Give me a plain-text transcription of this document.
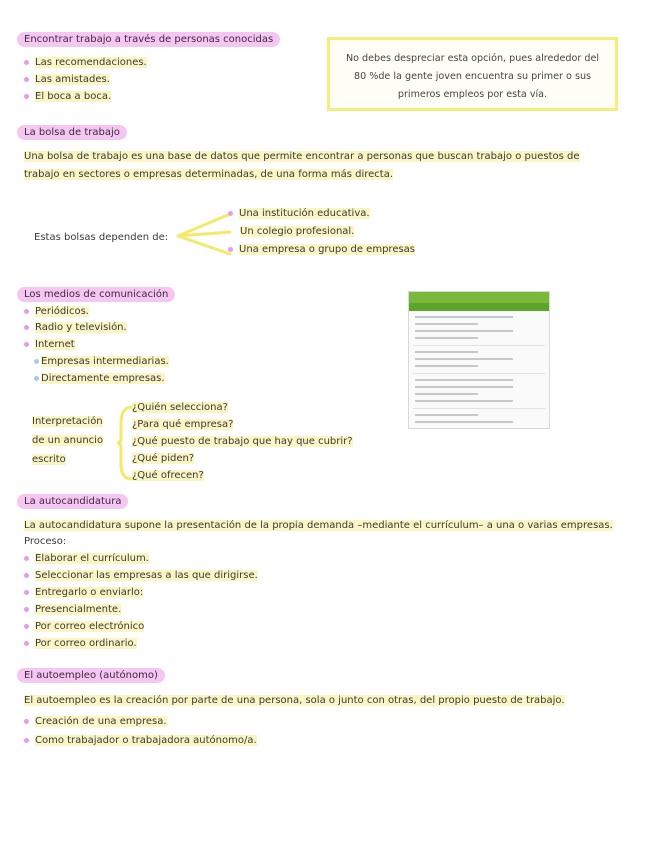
Encontrar trabajo a través de personas conocidas
Las recomendaciones.
Las amistades.
El boca a boca.
No debes despreciar esta opción, pues alrededor del
80 %de la gente joven encuentra su primer o sus
primeros empleos por esta vía.
La bolsa de trabajo
Una bolsa de trabajo es una base de datos que permite encontrar a personas que buscan trabajo o puestos de
trabajo en sectores o empresas determinadas, de una forma más directa.
Estas bolsas dependen de:
Una institución educativa.
Un colegio profesional.
Una empresa o grupo de empresas
Los medios de comunicación
Periódicos.
Radio y televisión.
Internet
Empresas intermediarias.
Directamente empresas.
Interpretación
de un anuncio
escrito
¿Quién selecciona?
¿Para qué empresa?
¿Qué puesto de trabajo que hay que cubrir?
¿Qué piden?
¿Qué ofrecen?
La autocandidatura
La autocandidatura supone la presentación de la propia demanda –mediante el currículum– a una o varias empresas.
Proceso:
Elaborar el currículum.
Seleccionar las empresas a las que dirigirse.
Entregarlo o enviarlo:
Presencialmente.
Por correo electrónico
Por correo ordinario.
El autoempleo (autónomo)
El autoempleo es la creación por parte de una persona, sola o junto con otras, del propio puesto de trabajo.
Creación de una empresa.
Como trabajador o trabajadora autónomo/a.
